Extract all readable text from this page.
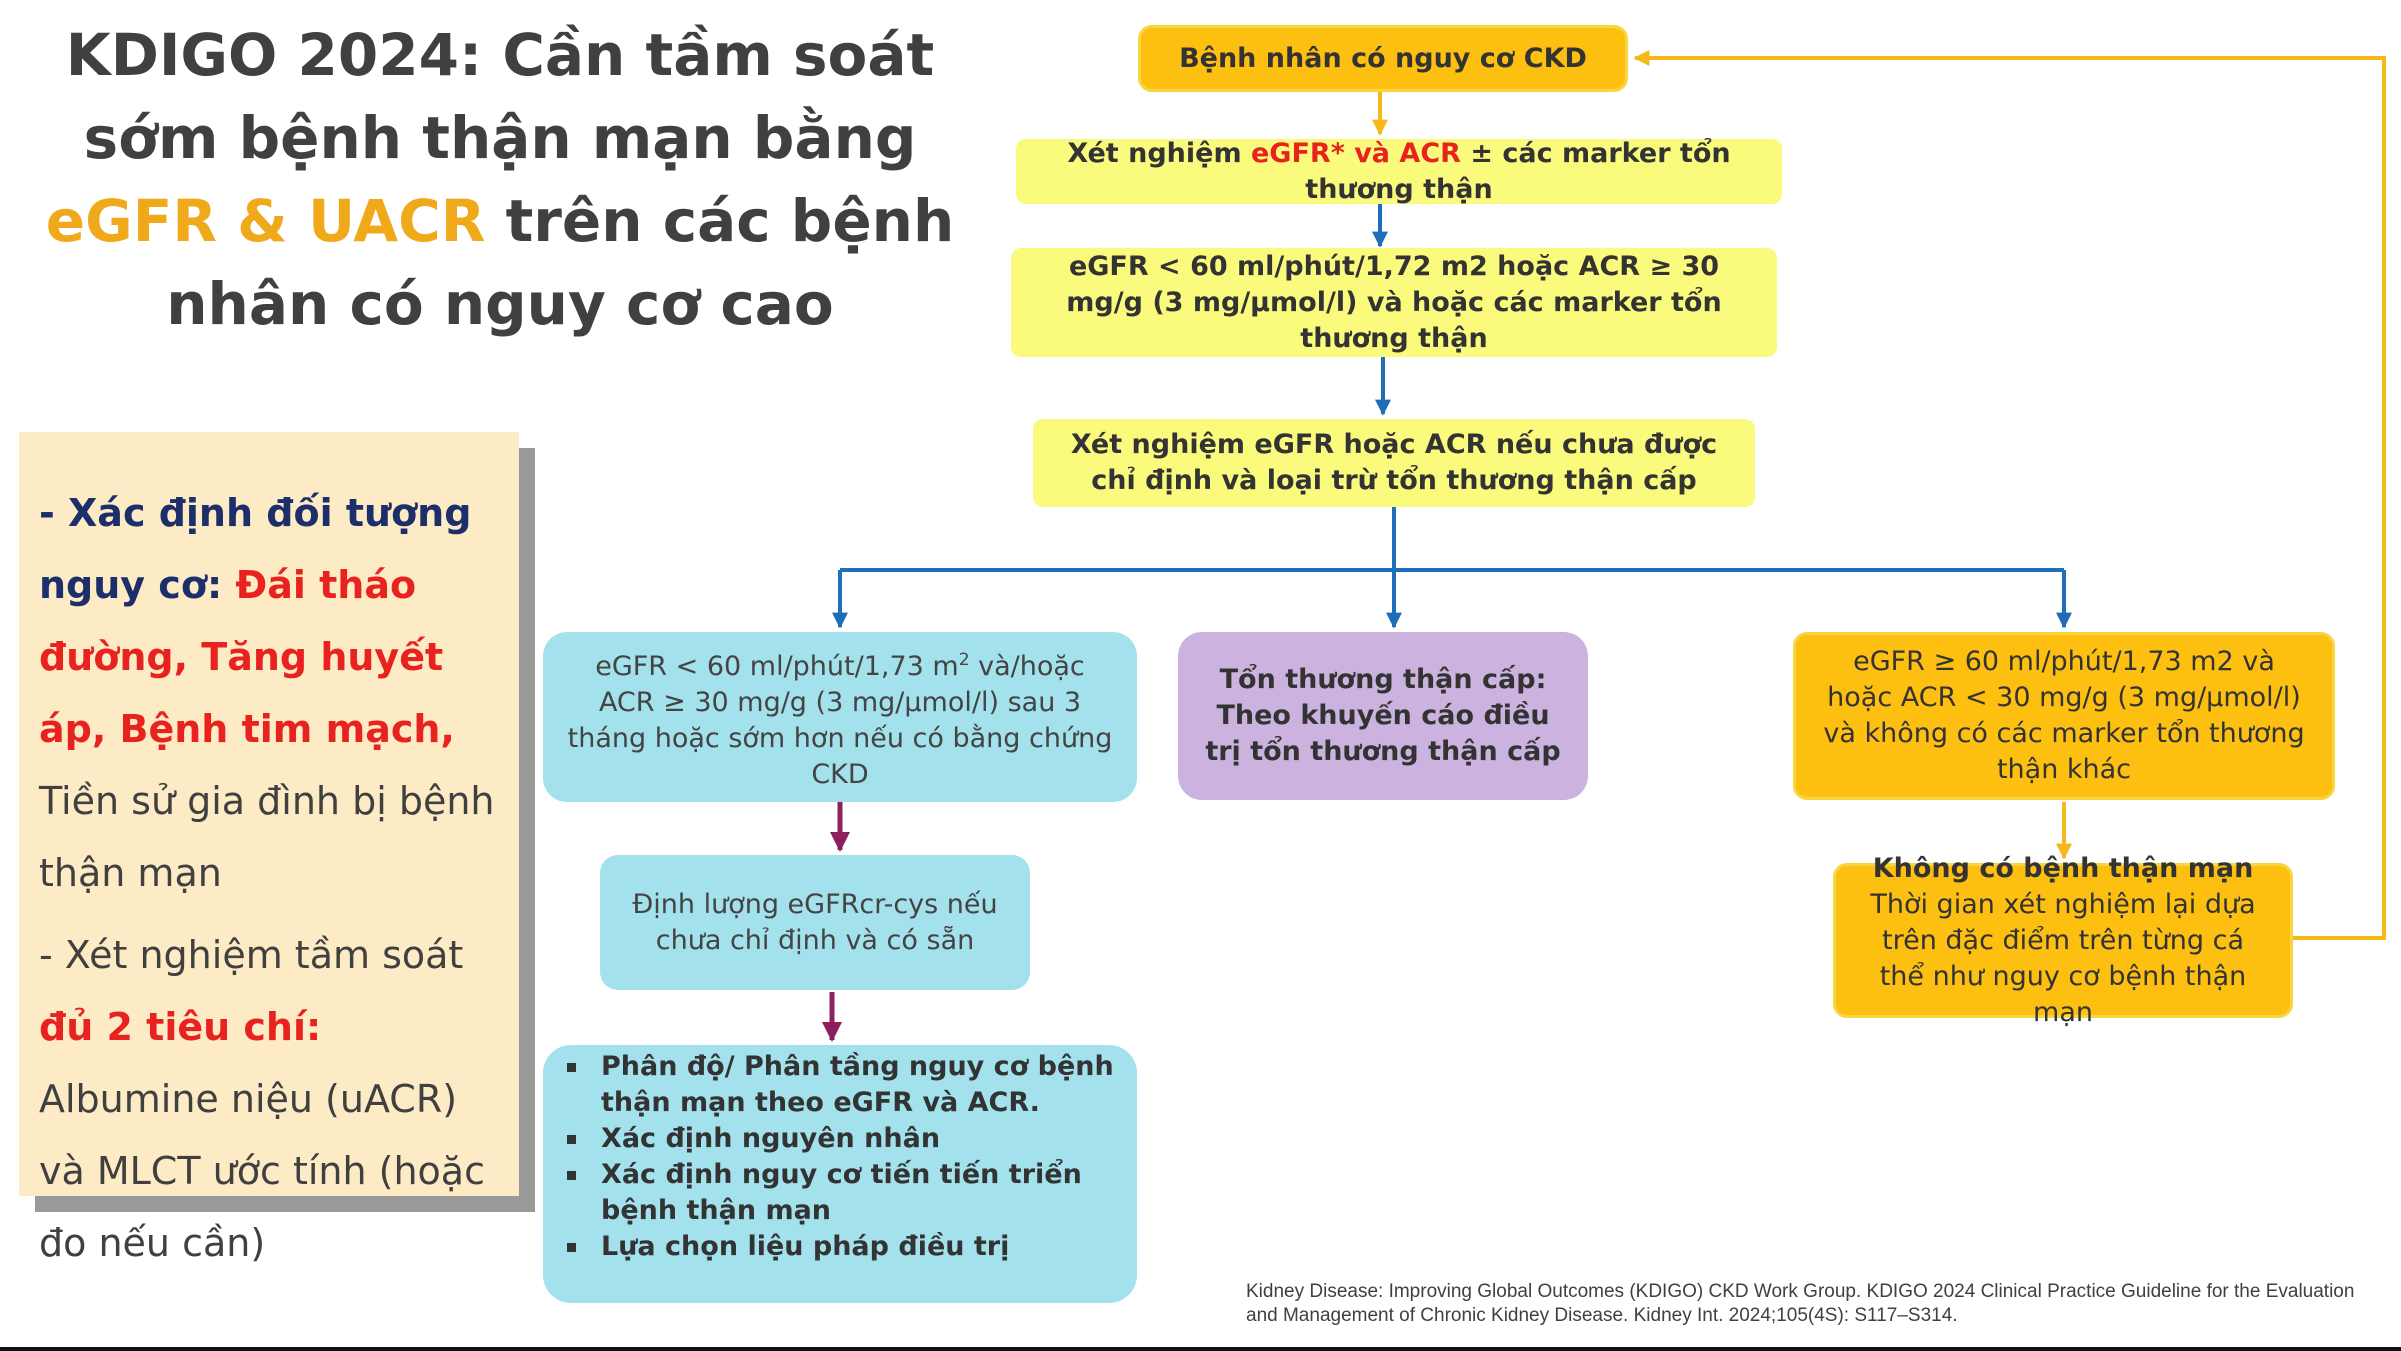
KDIGO 2024: Cần tầm soát sớm bệnh thận mạn bằng eGFR & UACR trên các bệnh nhân có nguy cơ cao

- Xác định đối tượng nguy cơ: Đái tháo đường, Tăng huyết áp, Bệnh tim mạch, Tiền sử gia đình bị bệnh thận mạn

- Xét nghiệm tầm soát đủ 2 tiêu chí: Albumine niệu (uACR) và MLCT ước tính (hoặc đo nếu cần)

Bệnh nhân có nguy cơ CKD
Xét nghiệm eGFR* và ACR ± các marker tổn thương thận
eGFR < 60 ml/phút/1,72 m2 hoặc ACR ≥ 30 mg/g (3 mg/µmol/l) và hoặc các marker tổn thương thận
Xét nghiệm eGFR hoặc ACR nếu chưa được chỉ định và loại trừ tổn thương thận cấp
eGFR < 60 ml/phút/1,73 $m^2$ và/hoặc ACR ≥ 30 mg/g (3 mg/µmol/l) sau 3 tháng hoặc sớm hơn nếu có bằng chứng CKD
Tổn thương thận cấp: Theo khuyến cáo điều trị tổn thương thận cấp
eGFR ≥ 60 ml/phút/1,73 m2 và hoặc ACR < 30 mg/g (3 mg/µmol/l) và không có các marker tổn thương thận khác
Định lượng eGFRcr-cys nếu chưa chỉ định và có sẵn
Không có bệnh thận mạn
Thời gian xét nghiệm lại dựa trên đặc điểm trên từng cá thể như nguy cơ bệnh thận mạn
Phân độ/ Phân tầng nguy cơ bệnh thận mạn theo eGFR và ACR.
Xác định nguyên nhân
Xác định nguy cơ tiến tiến triển bệnh thận mạn
Lựa chọn liệu pháp điều trị
Kidney Disease: Improving Global Outcomes (KDIGO) CKD Work Group. KDIGO 2024 Clinical Practice Guideline for the Evaluation and Management of Chronic Kidney Disease. Kidney Int. 2024;105(4S): S117–S314.
